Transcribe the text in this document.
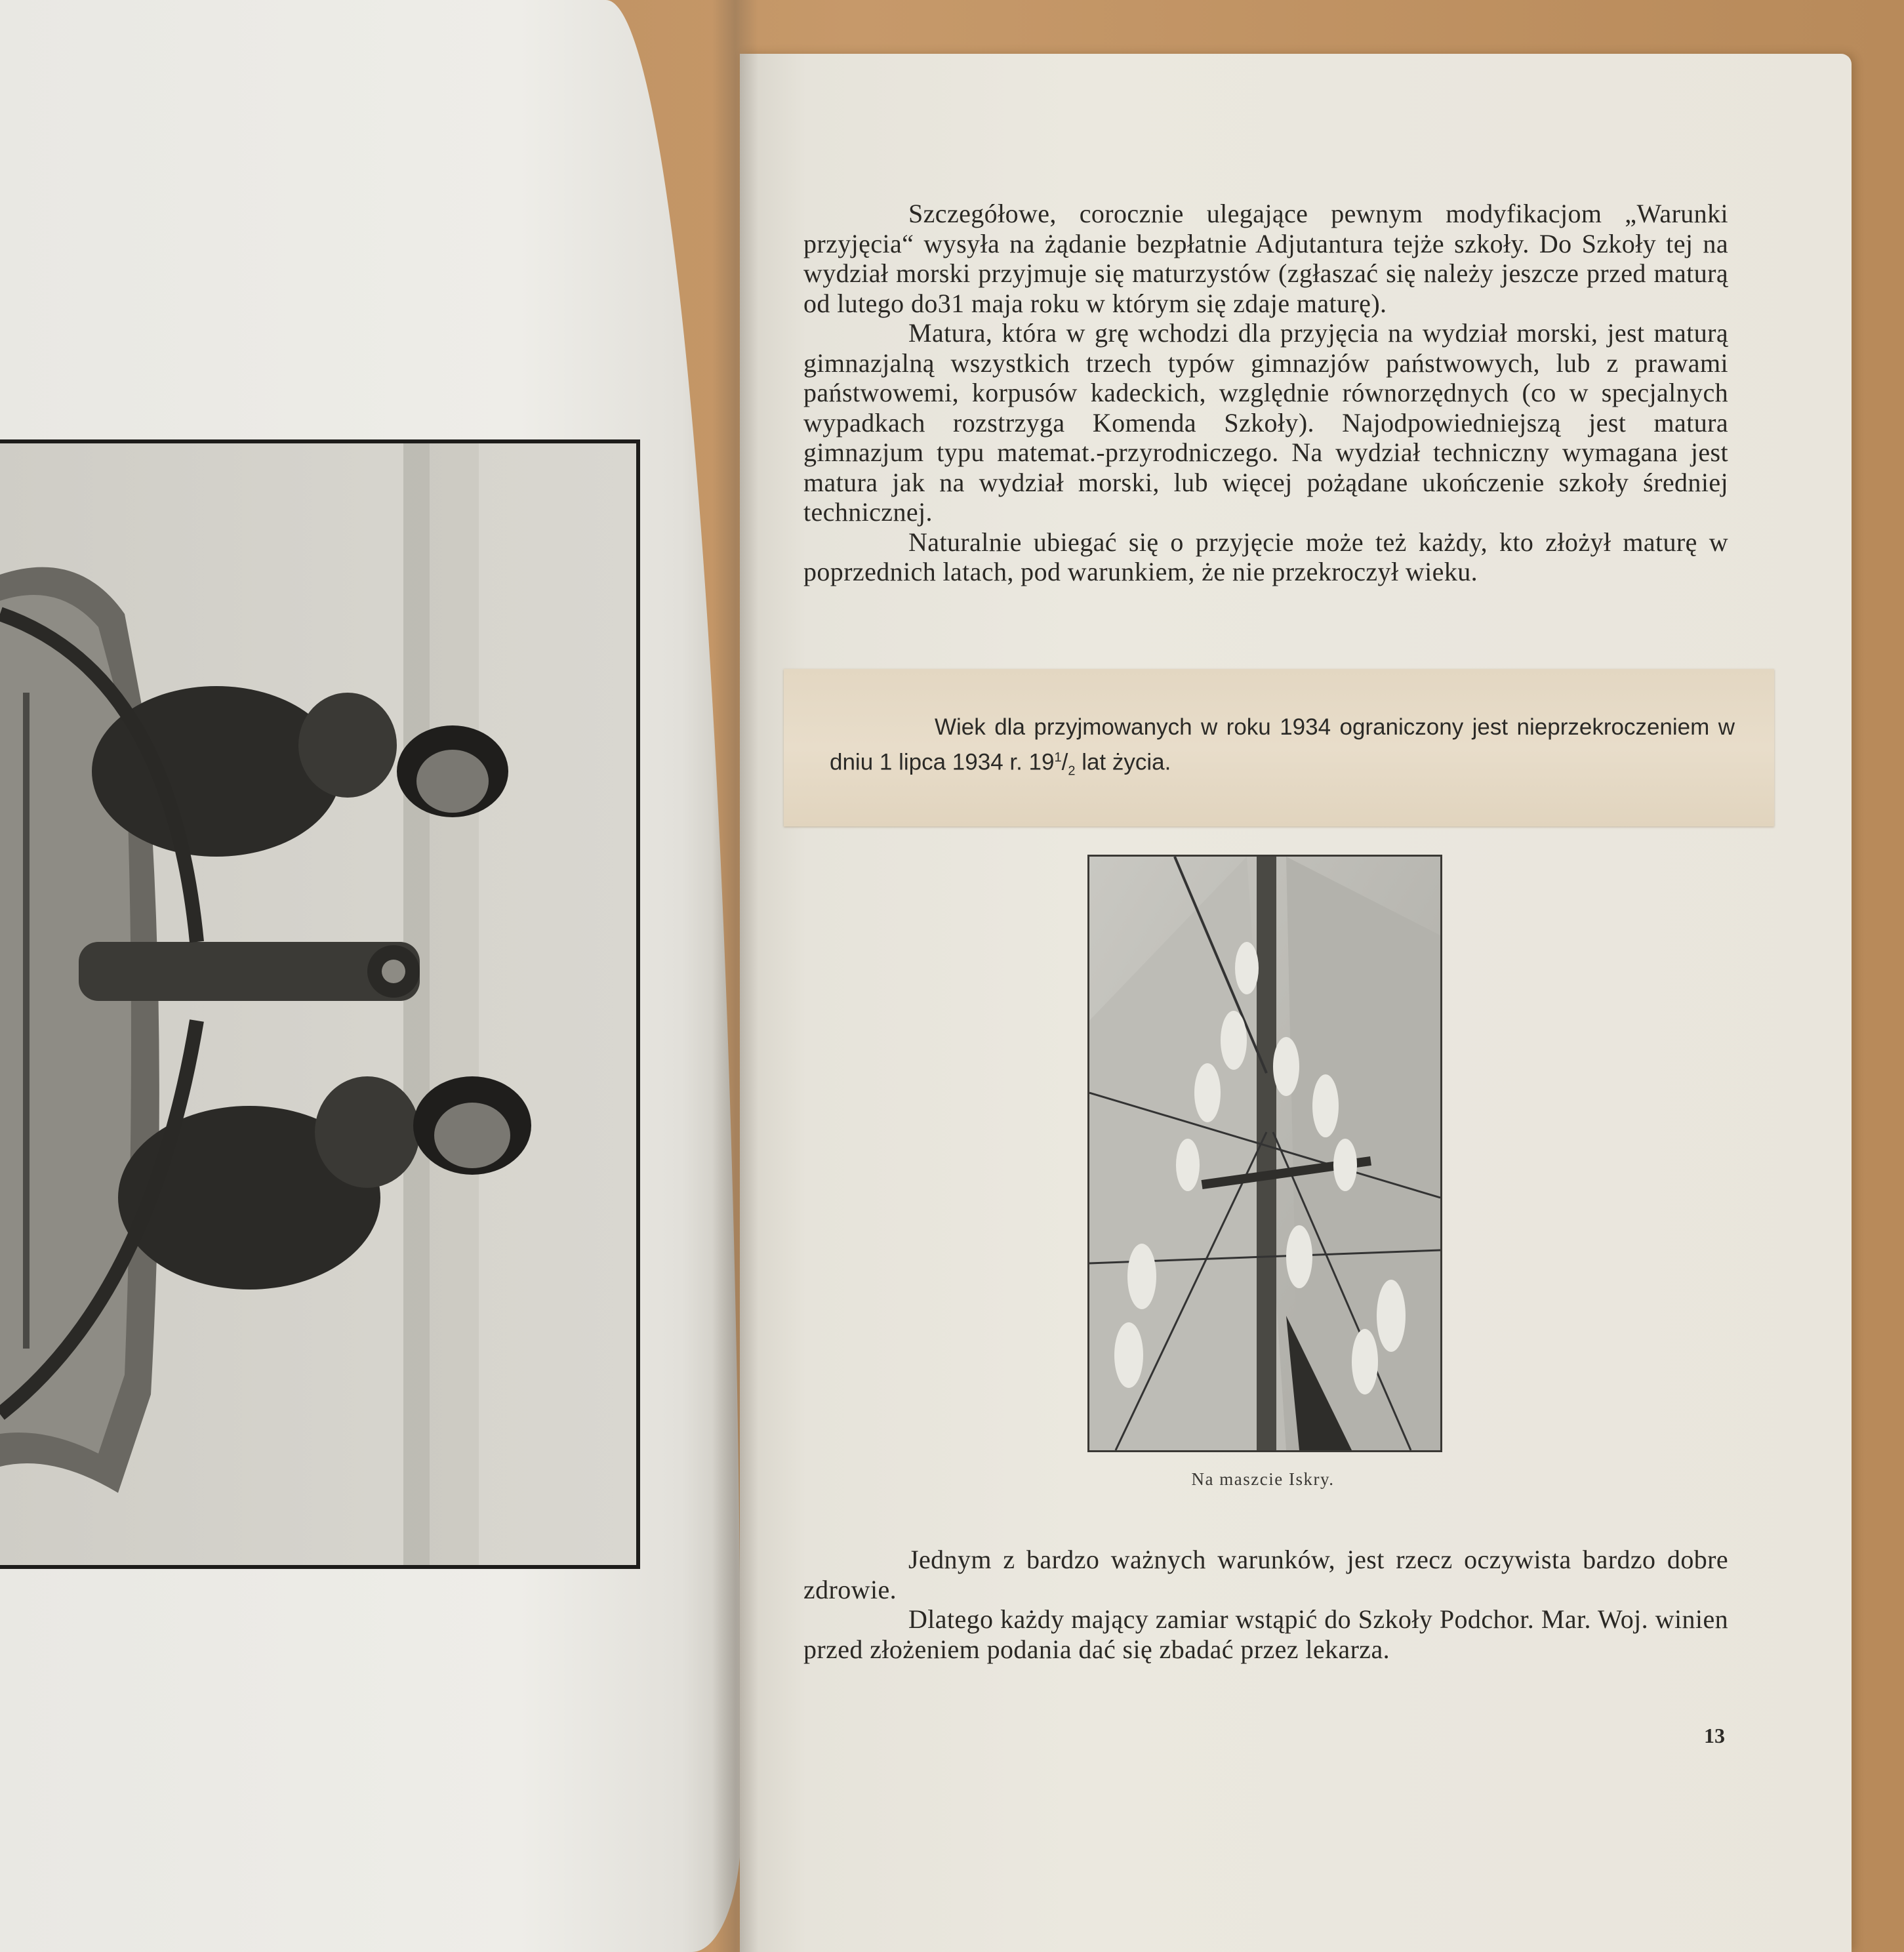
Szczegółowe, corocznie ulegające pewnym modyfikacjom „Warunki przyjęcia“ wysyła na żądanie bezpłatnie Adjutantura tejże szkoły. Do Szkoły tej na wydział morski przyjmuje się maturzystów (zgłaszać się należy jeszcze przed maturą od lutego do31 maja roku w którym się zdaje maturę).

Matura, która w grę wchodzi dla przyjęcia na wydział morski, jest maturą gimnazjalną wszystkich trzech typów gimnazjów państwowych, lub z prawami państwowemi, korpusów kadeckich, względnie równorzędnych (co w specjalnych wypadkach rozstrzyga Komenda Szkoły). Najodpowiedniejszą jest matura gimnazjum typu matemat.-przyrodniczego. Na wydział techniczny wymagana jest matura jak na wydział morski, lub więcej pożądane ukończenie szkoły średniej technicznej.

Naturalnie ubiegać się o przyjęcie może też każdy, kto złożył maturę w poprzednich latach, pod warunkiem, że nie przekroczył wieku.

Wiek dla przyjmowanych w roku 1934 ograniczony jest nieprzekroczeniem w dniu 1 lipca 1934 r. $19^1/_2$ lat życia.
Na maszcie Iskry.

Jednym z bardzo ważnych warunków, jest rzecz oczywista bardzo dobre zdrowie.

Dlatego każdy mający zamiar wstąpić do Szkoły Podchor. Mar. Woj. winien przed złożeniem podania dać się zbadać przez lekarza.

13
